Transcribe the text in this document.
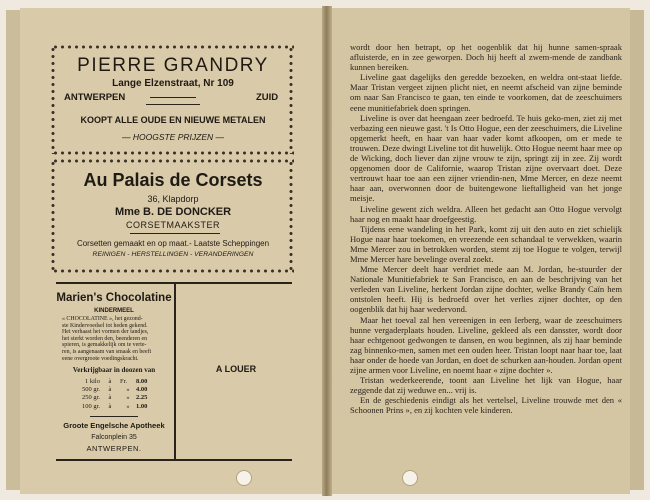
PIERRE GRANDRY
Lange Elzenstraat, Nr 109
ANTWERPEN	ZUID
KOOPT ALLE OUDE EN NIEUWE METALEN
— HOOGSTE PRIJZEN —
Au Palais de Corsets
36, Klapdorp
Mme B. DE DONCKER
CORSETMAAKSTER
Corsetten gemaakt en op maat.- Laatste Scheppingen
REINIGEN - HERSTELLINGEN - VERANDERINGEN
Marien's Chocolatine
KINDERMEEL
« CHOCOLATINE », het gezond-
ste Kindervoedsel tot heden gekend.
Het verhaast het vormen der tandjes,
het sterkt worden den, beenderen en
spieren, is gemakkelijk om te verte-
ren, is aangenaam van smaak en beeft
eene overgroote voedingskracht.
Verkrijgbaar in doozen van
1 kilo à Fr. 8.00
500 gr. à » 4.00
250 gr. à » 2.25
100 gr. à » 1.00
Groote Engelsche Apotheek
Falconplein 35
ANTWERPEN.
A LOUER

wordt door hen betrapt, op het oogenblik dat hij hunne samen-spraak afluisterde, en in zee geworpen. Doch hij heeft al zwem-mende de zandbank kunnen bereiken.

Liveline gaat dagelijks den geredde bezoeken, en weldra ont-staat liefde. Maar Tristan vergeet zijnen plicht niet, en neemt afscheid van zijne beminde om naar San Francisco te gaan, ten einde te voorkomen, dat de zeeschuimers eene munitiefabriek doen springen.

Liveline is over dat heengaan zeer bedroefd. Te huis geko-men, ziet zij met verbazing een nieuwe gast. 't Is Otto Hogue, een der zeeschuimers, die Liveline opgemerkt heeft, en haar van haar vader komt afkoopen, om er mede te trouwen. Deze dwingt Liveline tot dit huwelijk. Otto Hogue neemt haar mee op de Wicking, doch liever dan zijne vrouw te zijn, springt zij in zee. Zij wordt opgenomen door de Californie, waarop Tristan zijne overvaart doet. Deze vertrouwt haar toe aan een zijner vriendin-nen, Mme Mercer, en deze neemt haar aan, overwonnen door de buitengewone lieftalligheid van het jonge meisje.

Liveline gewent zich weldra. Alleen het gedacht aan Otto Hogue vervolgt haar nog en maakt haar droefgeestig.

Tijdens eene wandeling in het Park, komt zij uit den auto en ziet schielijk Hogue naar haar toekomen, en vreezende een schandaal te verwekken, waarin Mme Mercer zou in betrokken worden, stemt zij toe Hogue te volgen, terwijl Mme Mercer hare bevelinge overal zoekt.

Mme Mercer deelt haar verdriet mede aan M. Jordan, be-stuurder der Nationale Munitiefabriek te San Francisco, en aan de beschrijving van het verleden van Liveline, herkent Jordan zijne dochter, welke Brandy Caïn hem ontstolen heeft. Hij is bedroefd over het verlies zijner dochter, op den oogenblik dat hij haar wedervond.

Maar het toeval zal hen vereenigen in een Ierberg, waar de zeeschuimers hunne vergaderplaats houden. Liveline, gekleed als een dansster, wordt door haar echtgenoot gedwongen te dansen, en wou beginnen, als zij haar beminde zag binnenko-men, samen met een ouden heer. Tristan loopt naar haar toe, laat haar onder de hoede van Jordan, en doet de schurken aan-houden. Jordan opent zijne armen voor Liveline, en noemt haar « zijne dochter ».

Tristan wederkeerende, toont aan Liveline het lijk van Hogue, haar zeggende dat zij weduwe en... vrij is.

En de geschiedenis eindigt als het vertelsel, Liveline trouwde met den « Schoonen Prins », en zij kochten vele kinderen.
